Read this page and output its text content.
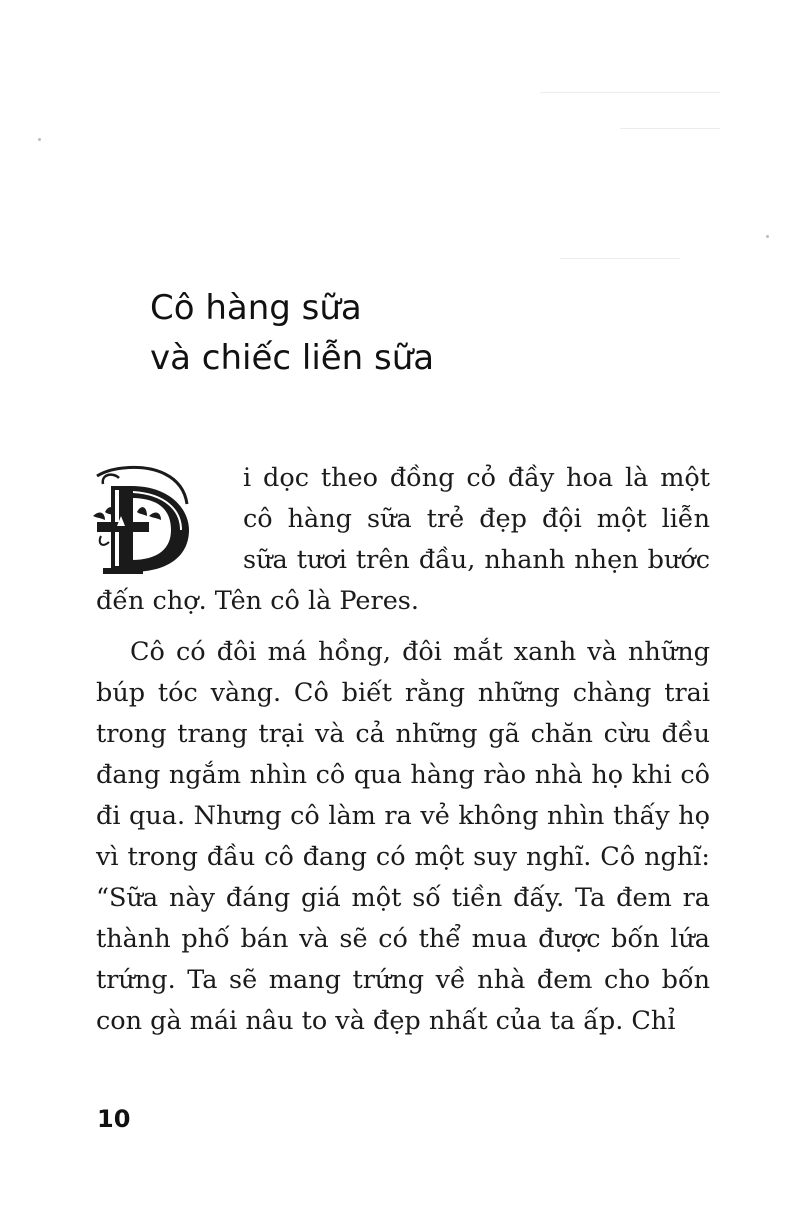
Cô hàng sữa
và chiếc liễn sữa

i dọc theo đồng cỏ đầy hoa là một cô hàng sữa trẻ đẹp đội một liễn sữa tươi trên đầu, nhanh nhẹn bước đến chợ. Tên cô là Peres.

Cô có đôi má hồng, đôi mắt xanh và những búp tóc vàng. Cô biết rằng những chàng trai trong trang trại và cả những gã chăn cừu đều đang ngắm nhìn cô qua hàng rào nhà họ khi cô đi qua. Nhưng cô làm ra vẻ không nhìn thấy họ vì trong đầu cô đang có một suy nghĩ. Cô nghĩ: “Sữa này đáng giá một số tiền đấy. Ta đem ra thành phố bán và sẽ có thể mua được bốn lứa trứng. Ta sẽ mang trứng về nhà đem cho bốn con gà mái nâu to và đẹp nhất của ta ấp. Chỉ

10
